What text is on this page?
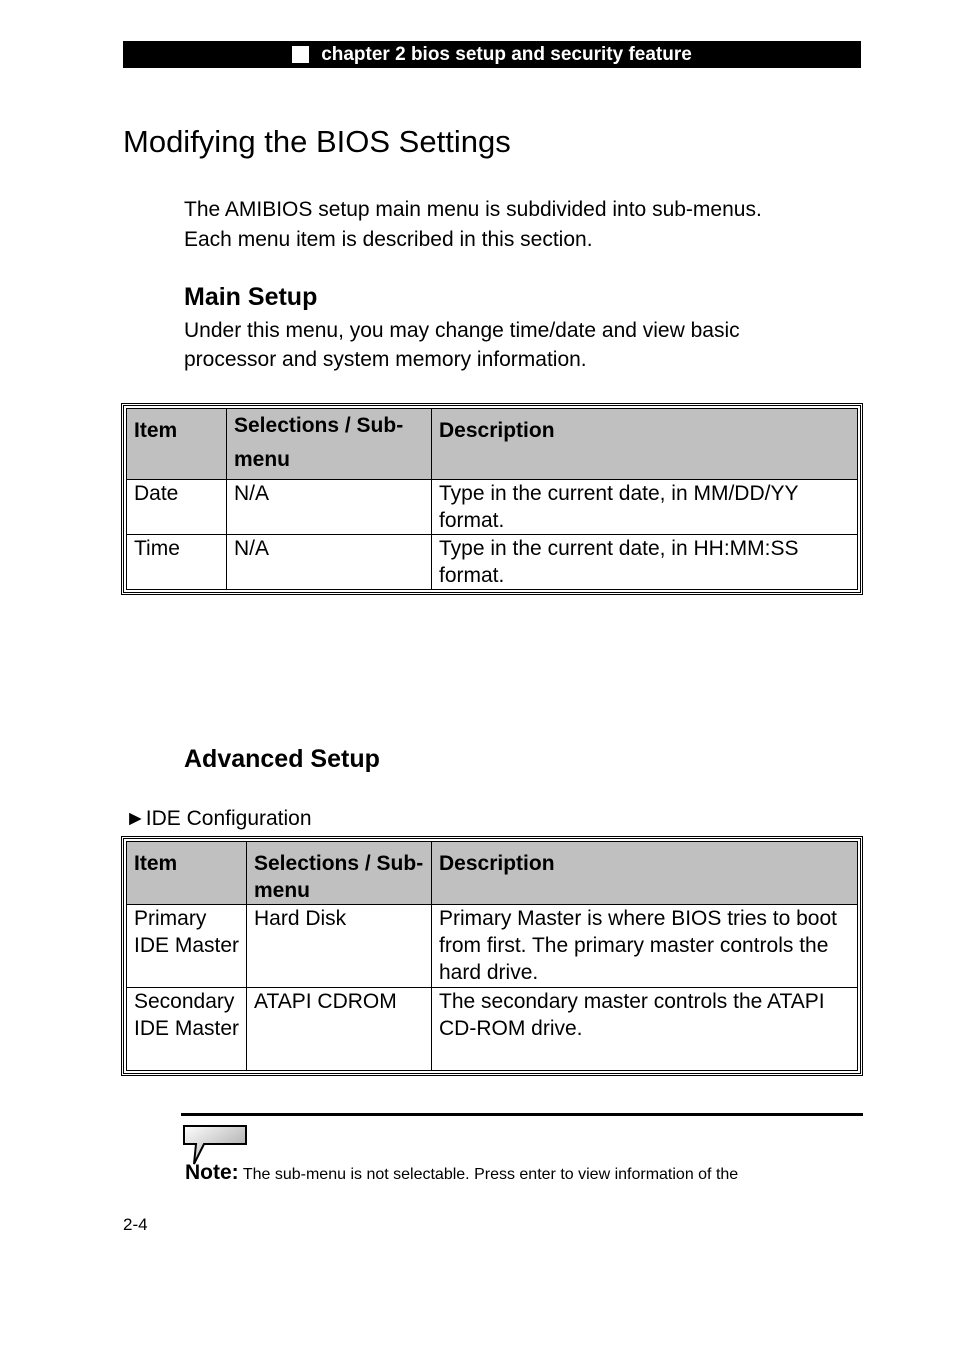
chapter 2 bios setup and security feature
Modifying the BIOS Settings

The AMIBIOS setup main menu is subdivided into sub-menus.

Each menu item is described in this section.

Main Setup

Under this menu, you may change time/date and view basic

processor and system memory information.

Item	Selections / Sub-menu	Description
Date	N/A	Type in the current date, in MM/DD/YY format.
Time	N/A	Type in the current date, in HH:MM:SS format.
Advanced Setup
►IDE Configuration
Item	Selections / Sub-menu	Description
Primary IDE Master	Hard Disk	Primary Master is where BIOS tries to boot from first. The primary master controls the hard drive.
Secondary IDE Master	ATAPI CDROM	The secondary master controls the ATAPI CD-ROM drive.
Note: The sub-menu is not selectable. Press enter to view information of the
2-4
